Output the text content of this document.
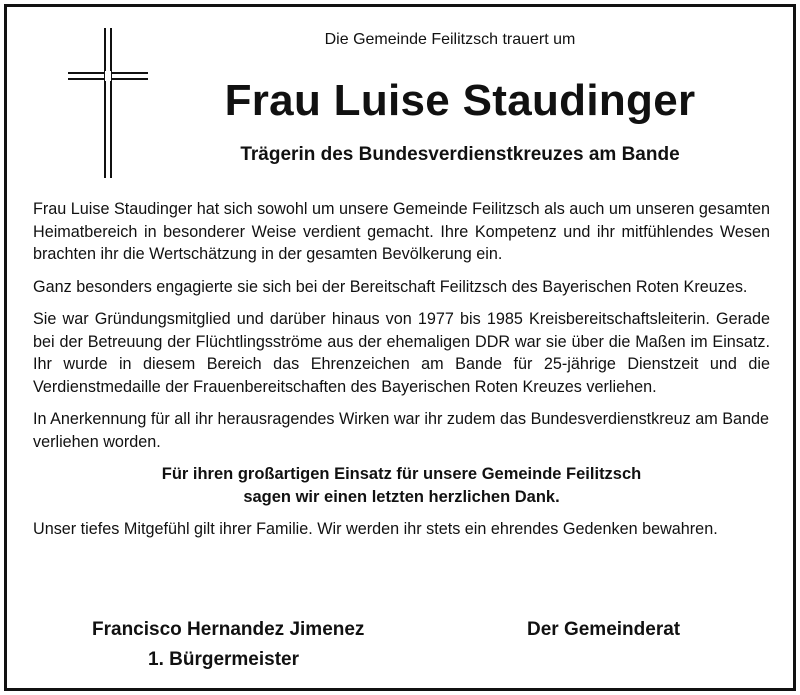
Die Gemeinde Feilitzsch trauert um
Frau Luise Staudinger
Trägerin des Bundesverdienstkreuzes am Bande

Frau Luise Staudinger hat sich sowohl um unsere Gemeinde Feilitzsch als auch um unseren gesamten Heimatbereich in besonderer Weise verdient gemacht. Ihre Kompetenz und ihr mitfühlendes Wesen brachten ihr die Wertschätzung in der gesamten Bevölkerung ein.

Ganz besonders engagierte sie sich bei der Bereitschaft Feilitzsch des Bayerischen Roten Kreuzes.

Sie war Gründungsmitglied und darüber hinaus von 1977 bis 1985 Kreisbereitschaftsleiterin. Gerade bei der Betreuung der Flüchtlingsströme aus der ehemaligen DDR war sie über die Maßen im Einsatz. Ihr wurde in diesem Bereich das Ehrenzeichen am Bande für 25-jährige Dienstzeit und die Verdienstmedaille der Frauenbereitschaften des Bayerischen Roten Kreuzes verliehen.

In Anerkennung für all ihr herausragendes Wirken war ihr zudem das Bundesverdienstkreuz am Bande verliehen worden.

Für ihren großartigen Einsatz für unsere Gemeinde Feilitzsch
sagen wir einen letzten herzlichen Dank.

Unser tiefes Mitgefühl gilt ihrer Familie. Wir werden ihr stets ein ehrendes Gedenken bewahren.

Francisco Hernandez Jimenez
1. Bürgermeister
Der Gemeinderat
